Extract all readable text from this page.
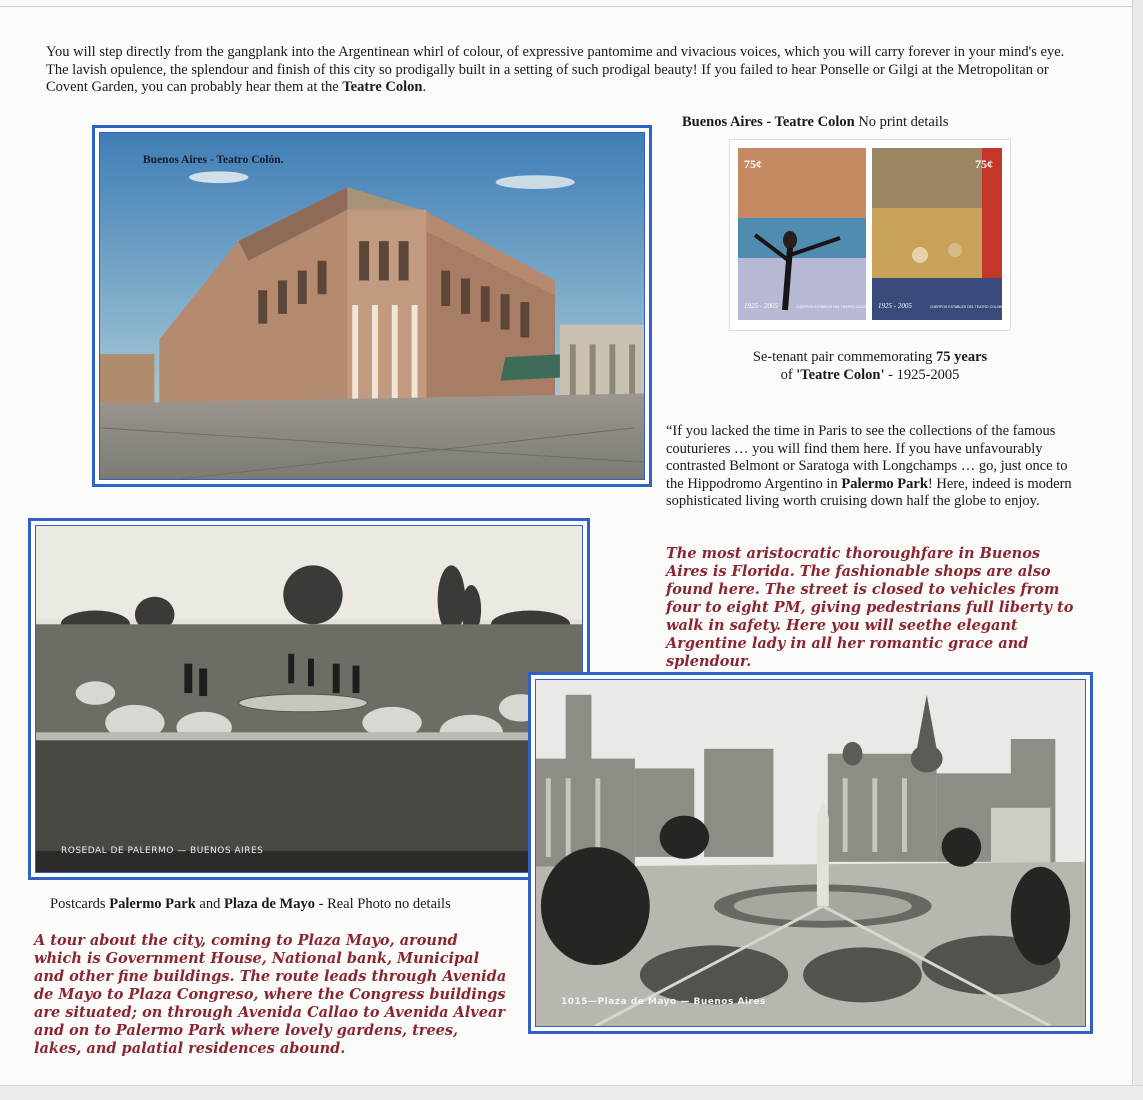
You will step directly from the gangplank into the Argentinean whirl of colour, of expressive pantomime and vivacious voices, which you will carry forever in your mind's eye. The lavish opulence, the splendour and finish of this city so prodigally built in a setting of such prodigal beauty! If you failed to hear Ponselle or Gilgi at the Metropolitan or Covent Garden, you can probably hear them at the Teatre Colon.
Buenos Aires - Teatro Colón.
Buenos Aires - Teatre Colon No print details
75¢
1925 - 2005	CUERPOS ESTABLES DEL TEATRO COLON
75¢
1925 - 2005	CUERPOS ESTABLES DEL TEATRO COLON
Se-tenant pair commemorating 75 years
of 'Teatre Colon' - 1925-2005
“If you lacked the time in Paris to see the collections of the famous couturieres … you will find them here. If you have unfavourably contrasted Belmont or Saratoga with Longchamps … go, just once to the Hippodromo Argentino in Palermo Park! Here, indeed is modern sophisticated living worth cruising down half the globe to enjoy.
The most aristocratic thoroughfare in Buenos Aires is Florida. The fashionable shops are also found here. The street is closed to vehicles from four to eight PM, giving pedestrians full liberty to walk in safety. Here you will seethe elegant Argentine lady in all her romantic grace and splendour.
ROSEDAL DE PALERMO — BUENOS AIRES
Postcards Palermo Park and Plaza de Mayo - Real Photo no details
A tour about the city, coming to Plaza Mayo, around which is Government House, National bank, Municipal and other fine buildings. The route leads through Avenida de Mayo to Plaza Congreso, where the Congress buildings are situated; on through Avenida Callao to Avenida Alvear and on to Palermo Park where lovely gardens, trees, lakes, and palatial residences abound.
1015—Plaza de Mayo — Buenos Aires
